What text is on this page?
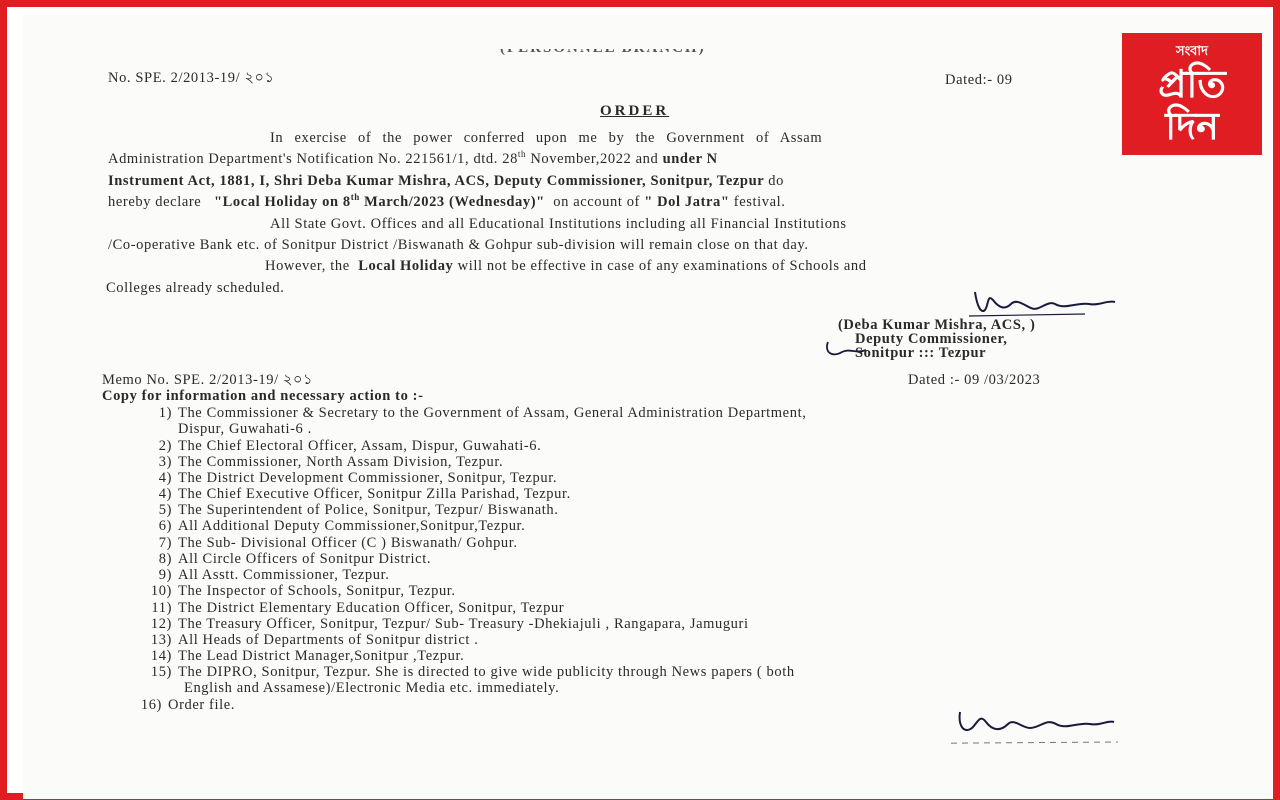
No. SPE. 2/2013-19/ ২০১	Dated:- 09
ORDER
In exercise of the power conferred upon me by the Government of Assam
Administration Department's Notification No. 221561/1, dtd. 28th November,2022 and under N
Instrument Act, 1881, I, Shri Deba Kumar Mishra, ACS, Deputy Commissioner, Sonitpur, Tezpur do
hereby declare "Local Holiday on 8th March/2023 (Wednesday)" on account of " Dol Jatra" festival.
All State Govt. Offices and all Educational Institutions including all Financial Institutions
/Co-operative Bank etc. of Sonitpur District /Biswanath & Gohpur sub-division will remain close on that day.
However, the Local Holiday will not be effective in case of any examinations of Schools and
Colleges already scheduled.
(Deba Kumar Mishra, ACS, )
Deputy Commissioner,
Sonitpur ::: Tezpur
Memo No. SPE. 2/2013-19/ ২০১	Dated :- 09 /03/2023
Copy for information and necessary action to :-
1) The Commissioner & Secretary to the Government of Assam, General Administration Department,
Dispur, Guwahati-6 .
2) The Chief Electoral Officer, Assam, Dispur, Guwahati-6.
3) The Commissioner, North Assam Division, Tezpur.
4) The District Development Commissioner, Sonitpur, Tezpur.
4) The Chief Executive Officer, Sonitpur Zilla Parishad, Tezpur.
5) The Superintendent of Police, Sonitpur, Tezpur/ Biswanath.
6) All Additional Deputy Commissioner,Sonitpur,Tezpur.
7) The Sub- Divisional Officer (C ) Biswanath/ Gohpur.
8) All Circle Officers of Sonitpur District.
9) All Asstt. Commissioner, Tezpur.
10) The Inspector of Schools, Sonitpur, Tezpur.
11) The District Elementary Education Officer, Sonitpur, Tezpur
12) The Treasury Officer, Sonitpur, Tezpur/ Sub- Treasury -Dhekiajuli , Rangapara, Jamuguri
13) All Heads of Departments of Sonitpur district .
14) The Lead District Manager,Sonitpur ,Tezpur.
15) The DIPRO, Sonitpur, Tezpur. She is directed to give wide publicity through News papers ( both
English and Assamese)/Electronic Media etc. immediately.
16) Order file.
সংবাদ
প্রতি
দিন
